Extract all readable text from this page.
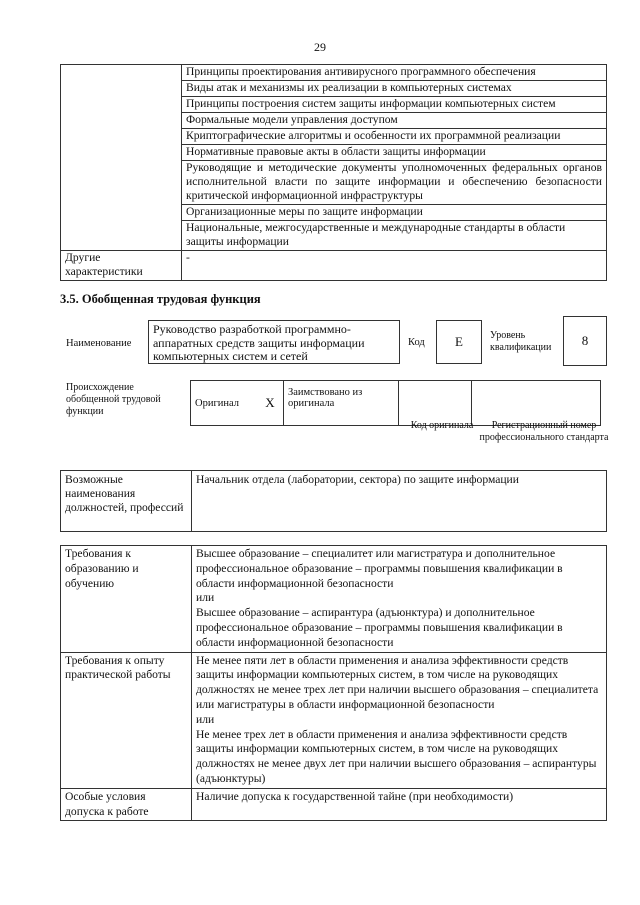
29
	Принципы проектирования антивирусного программного обеспечения
	Виды атак и механизмы их реализации в компьютерных системах
	Принципы построения систем защиты информации компьютерных систем
	Формальные модели управления доступом
	Криптографические алгоритмы и особенности их программной реализации
	Нормативные правовые акты в области защиты информации
	Руководящие и методические документы уполномоченных федеральных органов исполнительной власти по защите информации и обеспечению безопасности критической информационной инфраструктуры
	Организационные меры по защите информации
	Национальные, межгосударственные и международные стандарты в области защиты информации
Другие характеристики	-
3.5. Обобщенная трудовая функция
Наименование
Руководство разработкой программно-аппаратных средств защиты информации компьютерных систем и сетей
Код	E	Уровень квалификации	8
Происхождение обобщенной трудовой функции
Оригинал	X	Заимствовано из оригинала		
Код оригинала	Регистрационный номер профессионального стандарта
Возможные наименования должностей, профессий	Начальник отдела (лаборатории, сектора) по защите информации
Требования к образованию и обучению	Высшее образование – специалитет или магистратура и дополнительное профессиональное образование – программы повышения квалификации в области информационной безопасности
или
Высшее образование – аспирантура (адъюнктура) и дополнительное профессиональное образование – программы повышения квалификации в области информационной безопасности
Требования к опыту практической работы	Не менее пяти лет в области применения и анализа эффективности средств защиты информации компьютерных систем, в том числе на руководящих должностях не менее трех лет при наличии высшего образования – специалитета или магистратуры в области информационной безопасности
или
Не менее трех лет в области применения и анализа эффективности средств защиты информации компьютерных систем, в том числе на руководящих должностях не менее двух лет при наличии высшего образования – аспирантуры (адъюнктуры)
Особые условия допуска к работе	Наличие допуска к государственной тайне (при необходимости)
